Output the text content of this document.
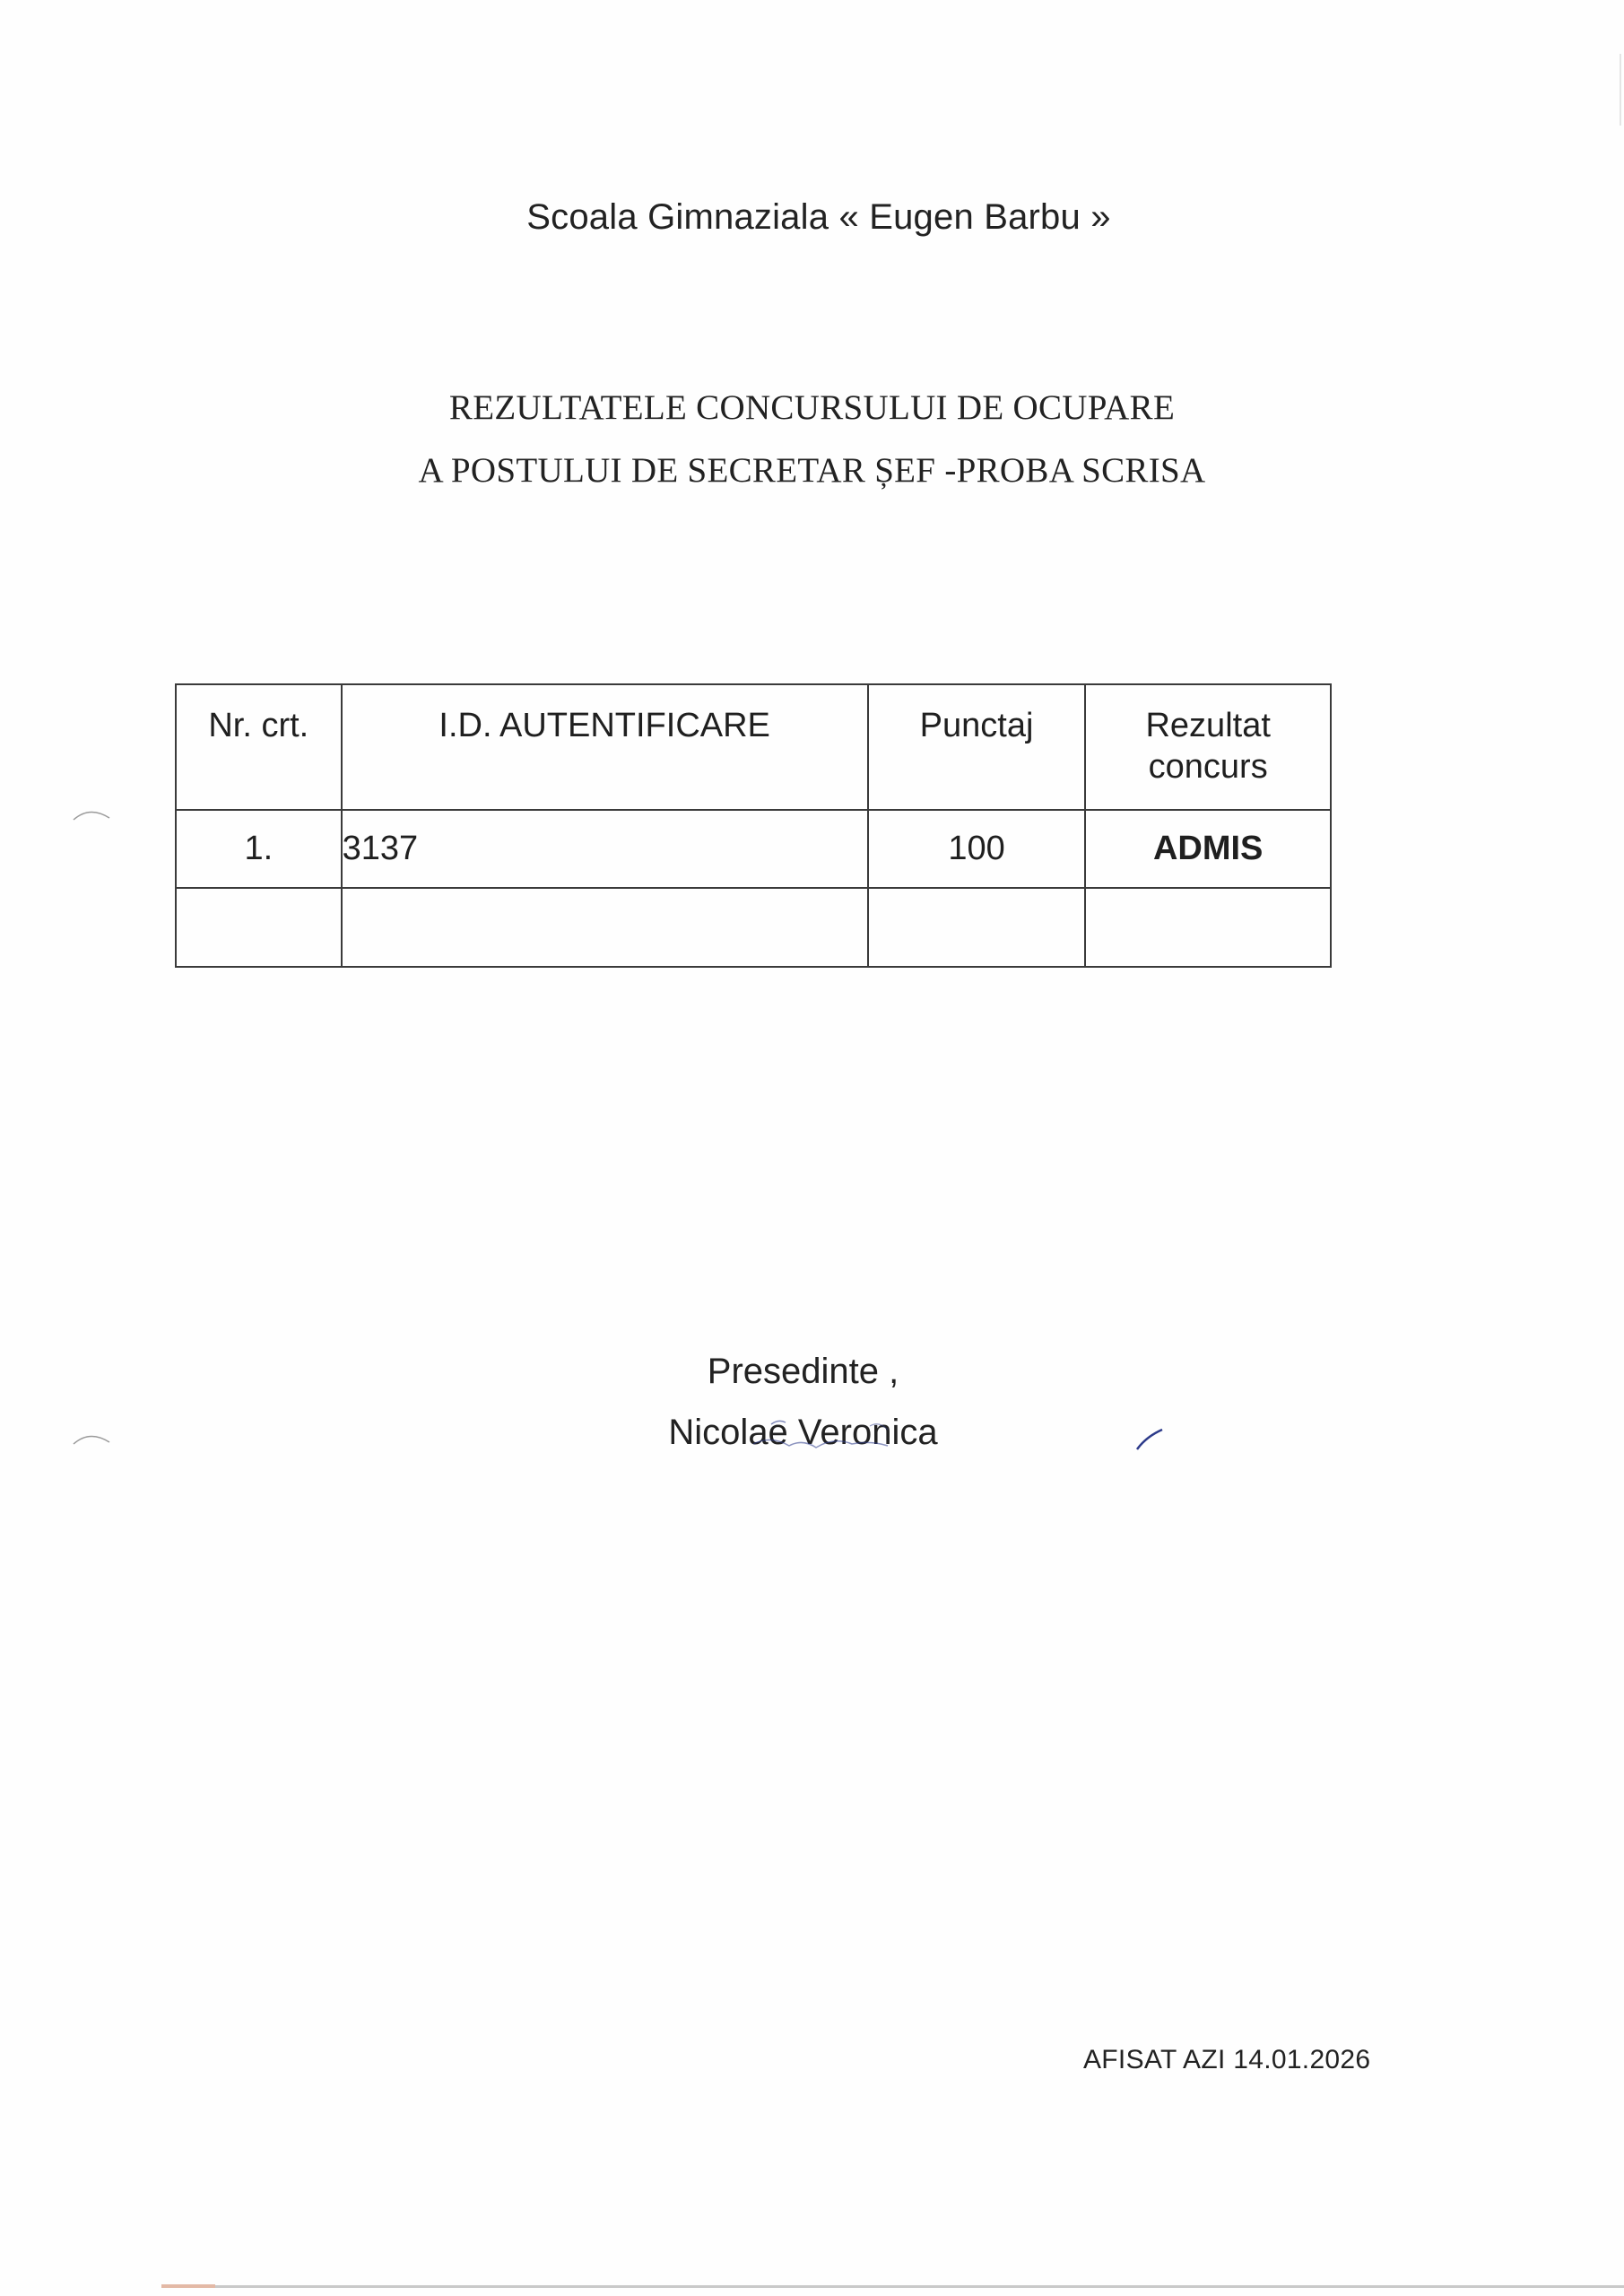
Scoala Gimnaziala « Eugen Barbu »
REZULTATELE CONCURSULUI DE OCUPARE
A POSTULUI DE SECRETAR ȘEF -PROBA SCRISA
Nr. crt.	I.D. AUTENTIFICARE	Punctaj	Rezultat
concurs

1.	3137	100	ADMIS

Presedinte ,
Nicolae Veronica
AFISAT AZI 14.01.2026
